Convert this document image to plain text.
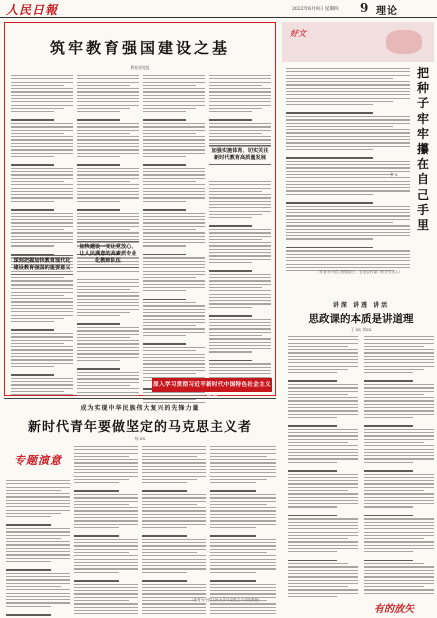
人民日報	2022年6月9日 星期四 9 理论
筑牢教育强国建设之基
教育部党组
深刻把握加快教育现代化建设教育强国的重要意义
加快建设一支让党放心、让人民满意的高素质专业化教师队伍
加强实施体育、切实关注新时代教育高质量发展
深入学习贯彻习近平新时代中国特色社会主义思想
好文
把种子牢牢攥在自己手里
李 X
（作者为中国工程院院士、农业农村部门有关负责人）
讲深 讲透 讲活
思政课的本质是讲道理
王 XX 刘XX
成为实现中华民族伟大复兴的先锋力量
新时代青年要做坚定的马克思主义者
杨 XX
专题演意
（作者为中国人民大学马克思主义学院教授）
有的放矢
